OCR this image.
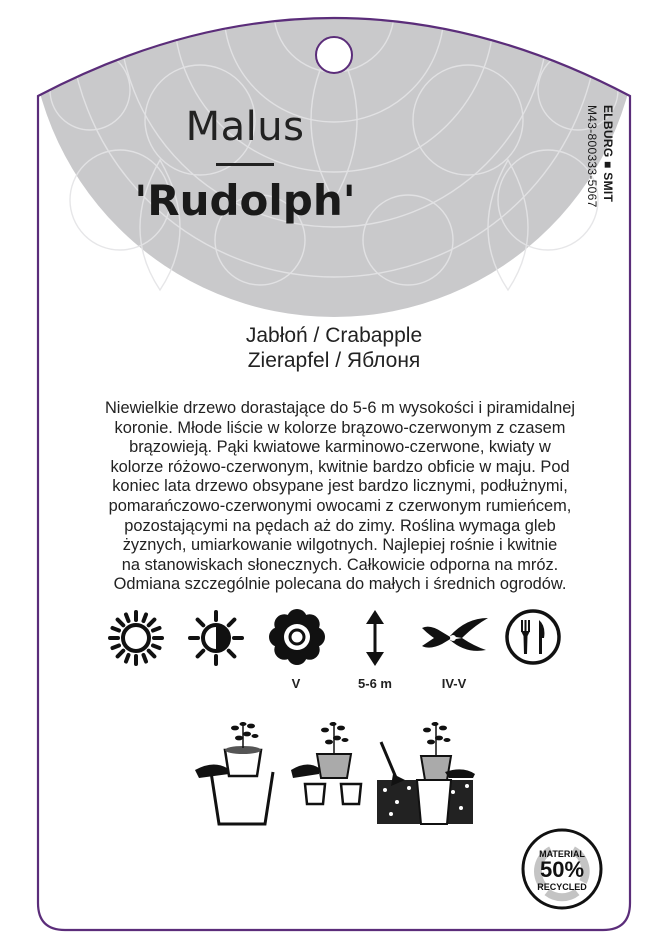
Malus
'Rudolph'	ELBURG ■ SMIT
M43-800333-5067
Jabłoń / Crabapple
Zierapfel / Яблоня
Niewielkie drzewo dorastające do 5-6 m wysokości i piramidalnej
koronie. Młode liście w kolorze brązowo-czerwonym z czasem
brązowieją. Pąki kwiatowe karminowo-czerwone, kwiaty w
kolorze różowo-czerwonym, kwitnie bardzo obficie w maju. Pod
koniec lata drzewo obsypane jest bardzo licznymi, podłużnymi,
pomarańczowo-czerwonymi owocami z czerwonym rumieńcem,
pozostającymi na pędach aż do zimy. Roślina wymaga gleb
żyznych, umiarkowanie wilgotnych. Najlepiej rośnie i kwitnie
na stanowiskach słonecznych. Całkowicie odporna na mróz.
Odmiana szczególnie polecana do małych i średnich ogrodów.
V	5-6 m	IV-V
MATERIAL
50%
RECYCLED
